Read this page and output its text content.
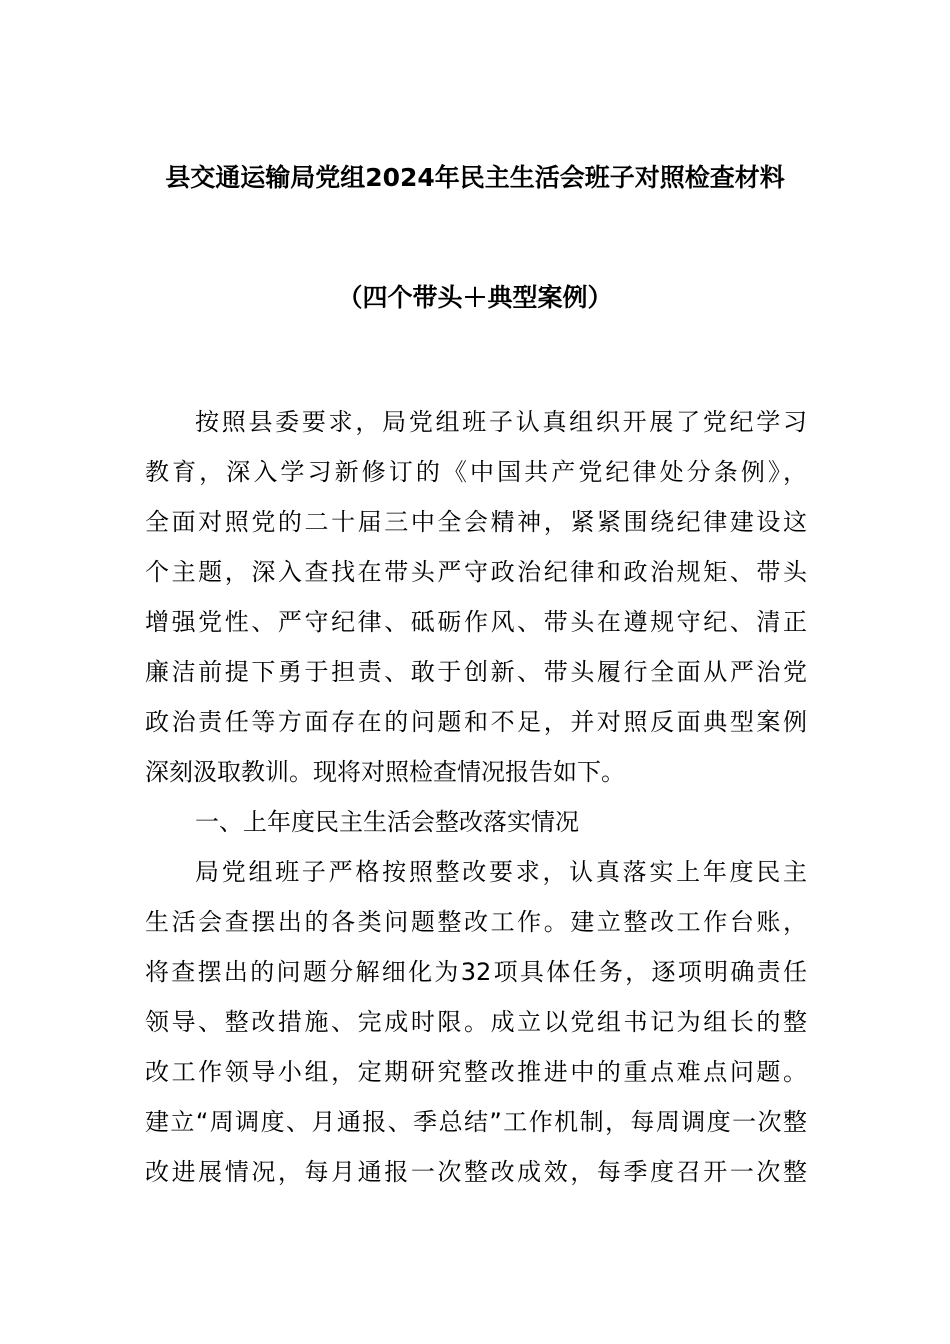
县交通运输局党组2024年民主生活会班子对照检查材料
（四个带头＋典型案例）
按照县委要求，局党组班子认真组织开展了党纪学习
教育，深入学习新修订的《中国共产党纪律处分条例》，
全面对照党的二十届三中全会精神，紧紧围绕纪律建设这
个主题，深入查找在带头严守政治纪律和政治规矩、带头
增强党性、严守纪律、砥砺作风、带头在遵规守纪、清正
廉洁前提下勇于担责、敢于创新、带头履行全面从严治党
政治责任等方面存在的问题和不足，并对照反面典型案例
深刻汲取教训。现将对照检查情况报告如下。
一、上年度民主生活会整改落实情况
局党组班子严格按照整改要求，认真落实上年度民主
生活会查摆出的各类问题整改工作。建立整改工作台账，
将查摆出的问题分解细化为32项具体任务，逐项明确责任
领导、整改措施、完成时限。成立以党组书记为组长的整
改工作领导小组，定期研究整改推进中的重点难点问题。
建立“周调度、月通报、季总结”工作机制，每周调度一次整
改进展情况，每月通报一次整改成效，每季度召开一次整
